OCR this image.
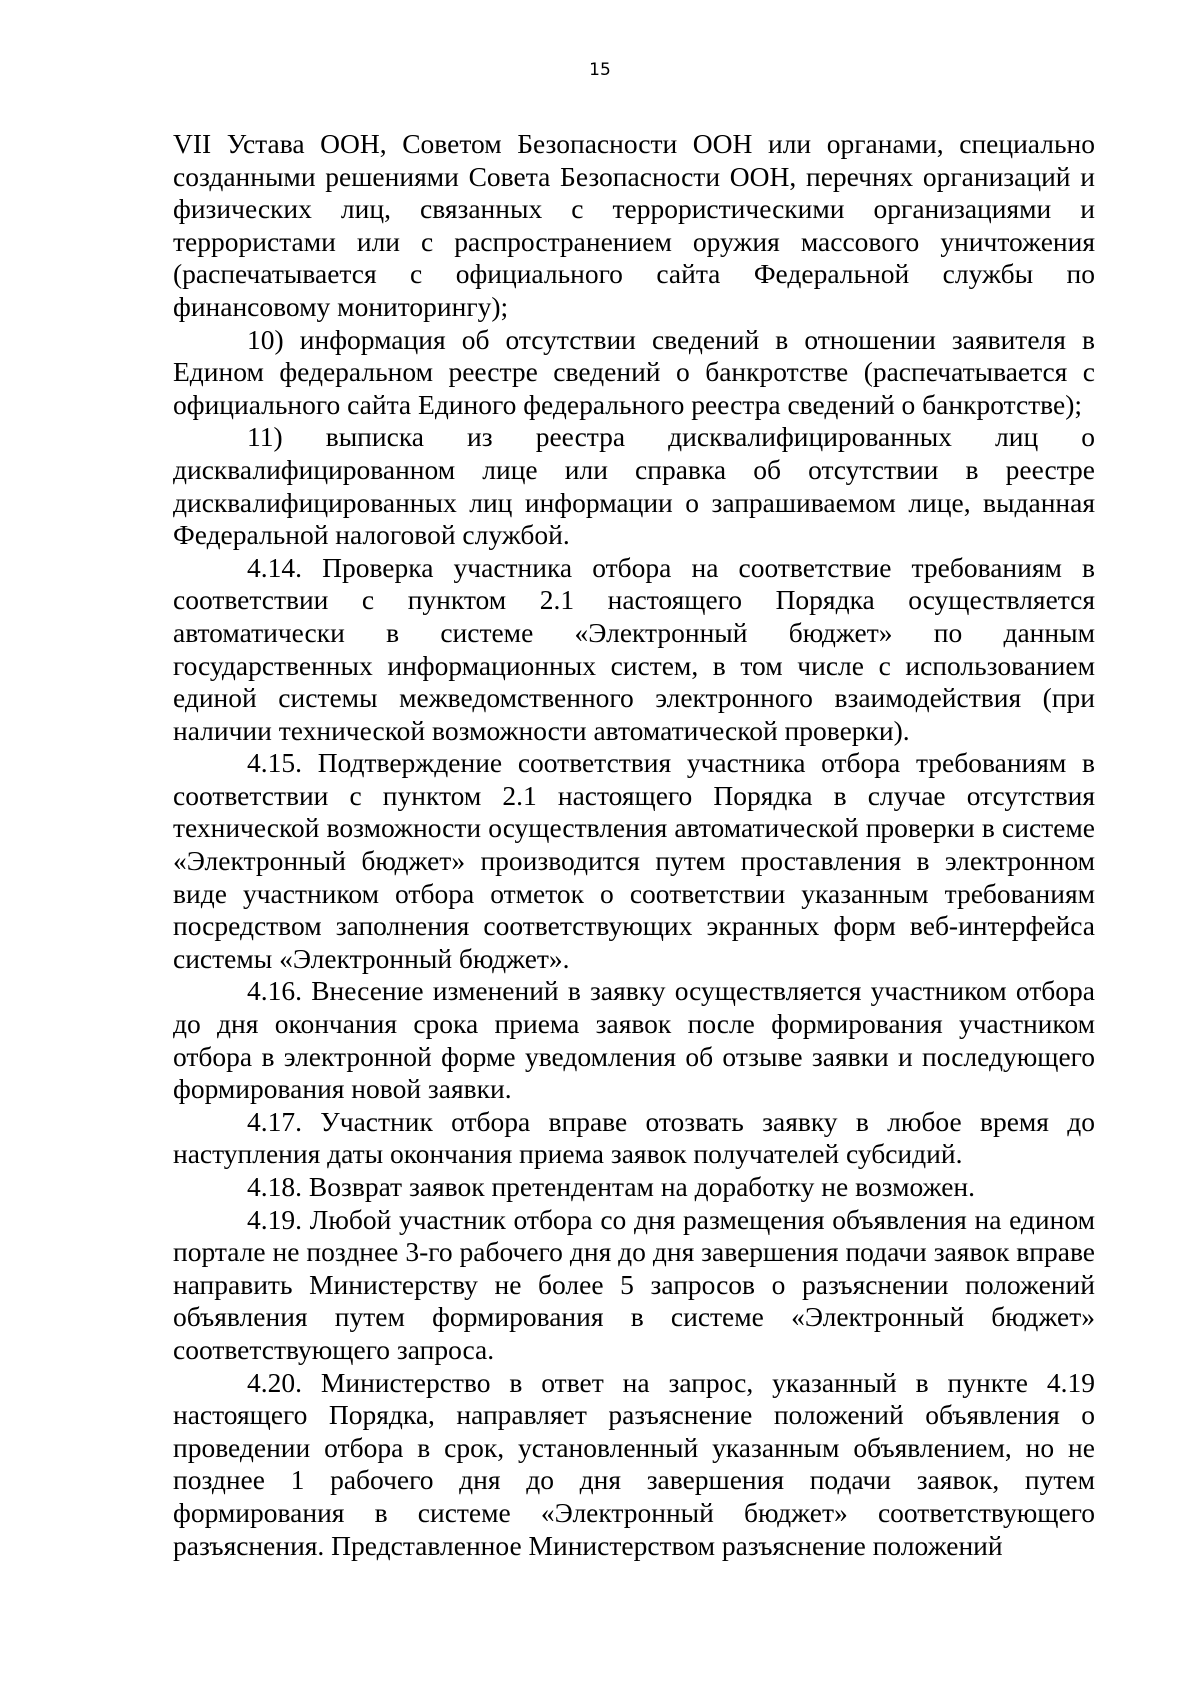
15

VII Устава ООН, Советом Безопасности ООН или органами, специально созданными решениями Совета Безопасности ООН, перечнях организаций и физических лиц, связанных с террористическими организациями и террористами или с распространением оружия массового уничтожения (распечатывается с официального сайта Федеральной службы по финансовому мониторингу);

10) информация об отсутствии сведений в отношении заявителя в Едином федеральном реестре сведений о банкротстве (распечатывается с официального сайта Единого федерального реестра сведений о банкротстве);

11) выписка из реестра дисквалифицированных лиц о дисквалифицированном лице или справка об отсутствии в реестре дисквалифицированных лиц информации о запрашиваемом лице, выданная Федеральной налоговой службой.

4.14. Проверка участника отбора на соответствие требованиям в соответствии с пунктом 2.1 настоящего Порядка осуществляется автоматически в системе «Электронный бюджет» по данным государственных информационных систем, в том числе с использованием единой системы межведомственного электронного взаимодействия (при наличии технической возможности автоматической проверки).

4.15. Подтверждение соответствия участника отбора требованиям в соответствии с пунктом 2.1 настоящего Порядка в случае отсутствия технической возможности осуществления автоматической проверки в системе «Электронный бюджет» производится путем проставления в электронном виде участником отбора отметок о соответствии указанным требованиям посредством заполнения соответствующих экранных форм веб-интерфейса системы «Электронный бюджет».

4.16. Внесение изменений в заявку осуществляется участником отбора до дня окончания срока приема заявок после формирования участником отбора в электронной форме уведомления об отзыве заявки и последующего формирования новой заявки.

4.17. Участник отбора вправе отозвать заявку в любое время до наступления даты окончания приема заявок получателей субсидий.

4.18. Возврат заявок претендентам на доработку не возможен.

4.19. Любой участник отбора со дня размещения объявления на едином портале не позднее 3-го рабочего дня до дня завершения подачи заявок вправе направить Министерству не более 5 запросов о разъяснении положений объявления путем формирования в системе «Электронный бюджет» соответствующего запроса.

4.20. Министерство в ответ на запрос, указанный в пункте 4.19 настоящего Порядка, направляет разъяснение положений объявления о проведении отбора в срок, установленный указанным объявлением, но не позднее 1 рабочего дня до дня завершения подачи заявок, путем формирования в системе «Электронный бюджет» соответствующего разъяснения. Представленное Министерством разъяснение положений
